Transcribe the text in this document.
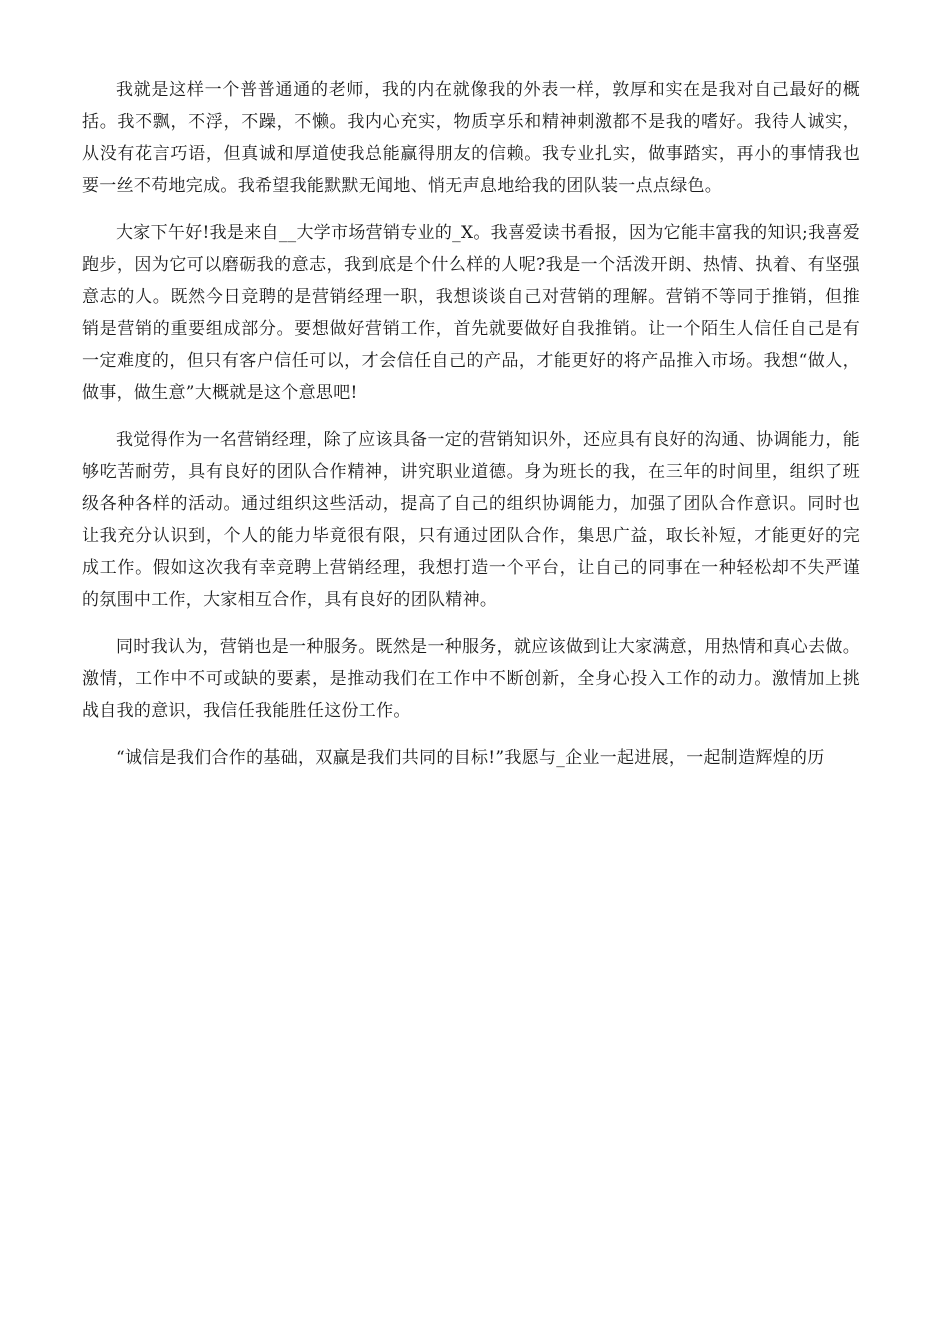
我就是这样一个普普通通的老师，我的内在就像我的外表一样，敦厚和实在是我对自己最好的概括。我不飘，不浮，不躁，不懒。我内心充实，物质享乐和精神刺激都不是我的嗜好。我待人诚实，从没有花言巧语，但真诚和厚道使我总能赢得朋友的信赖。我专业扎实，做事踏实，再小的事情我也要一丝不苟地完成。我希望我能默默无闻地、悄无声息地给我的团队装一点点绿色。

大家下午好!我是来自__大学市场营销专业的_X。我喜爱读书看报，因为它能丰富我的知识;我喜爱跑步，因为它可以磨砺我的意志，我到底是个什么样的人呢?我是一个活泼开朗、热情、执着、有坚强意志的人。既然今日竞聘的是营销经理一职，我想谈谈自己对营销的理解。营销不等同于推销，但推销是营销的重要组成部分。要想做好营销工作，首先就要做好自我推销。让一个陌生人信任自己是有一定难度的，但只有客户信任可以，才会信任自己的产品，才能更好的将产品推入市场。我想“做人，做事，做生意”大概就是这个意思吧!

我觉得作为一名营销经理，除了应该具备一定的营销知识外，还应具有良好的沟通、协调能力，能够吃苦耐劳，具有良好的团队合作精神，讲究职业道德。身为班长的我，在三年的时间里，组织了班级各种各样的活动。通过组织这些活动，提高了自己的组织协调能力，加强了团队合作意识。同时也让我充分认识到，个人的能力毕竟很有限，只有通过团队合作，集思广益，取长补短，才能更好的完成工作。假如这次我有幸竞聘上营销经理，我想打造一个平台，让自己的同事在一种轻松却不失严谨的氛围中工作，大家相互合作，具有良好的团队精神。

同时我认为，营销也是一种服务。既然是一种服务，就应该做到让大家满意，用热情和真心去做。激情，工作中不可或缺的要素，是推动我们在工作中不断创新，全身心投入工作的动力。激情加上挑战自我的意识，我信任我能胜任这份工作。

“诚信是我们合作的基础，双赢是我们共同的目标!”我愿与_企业一起进展，一起制造辉煌的历
